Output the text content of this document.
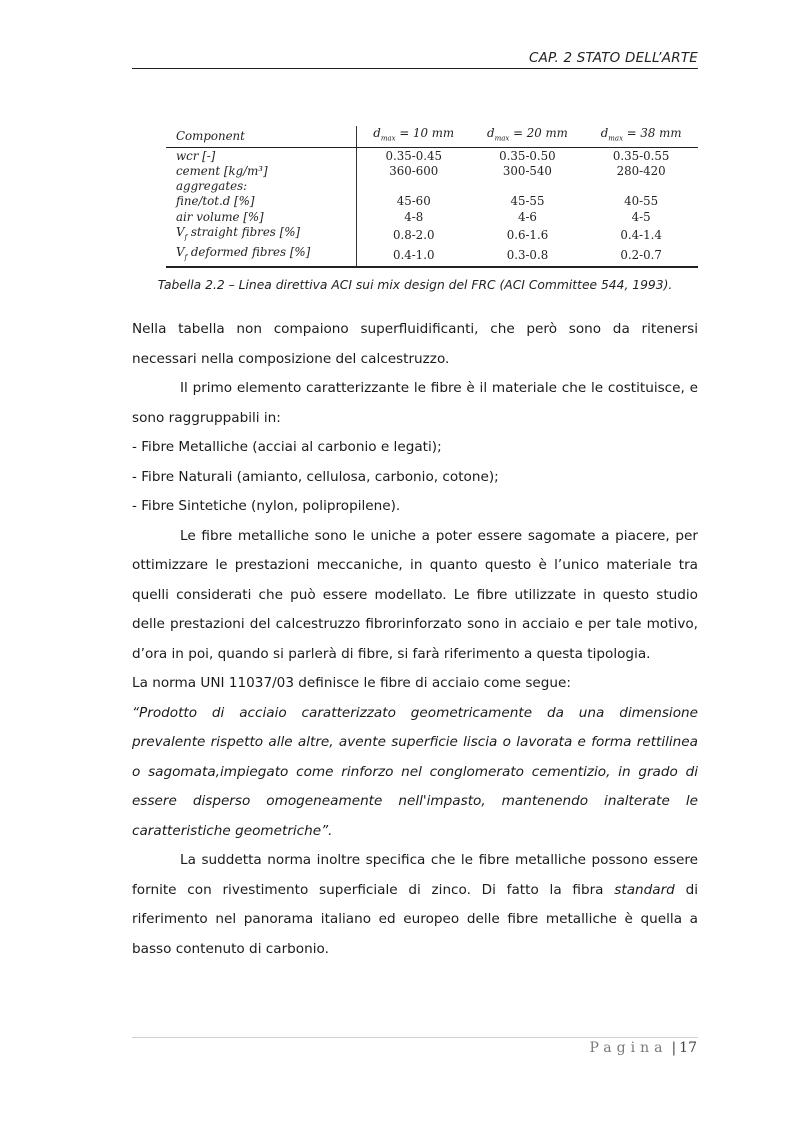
CAP. 2 STATO DELL’ARTE
Component	$d_{max} = 10$ mm	$d_{max} = 20$ mm	$d_{max} = 38$ mm
wcr [-]	0.35-0.45	0.35-0.50	0.35-0.55
cement [kg/m³]	360-600	300-540	280-420
aggregates:			
fine/tot.d [%]	45-60	45-55	40-55
air volume [%]	4-8	4-6	4-5
$V_f$ straight fibres [%]	0.8-2.0	0.6-1.6	0.4-1.4
$V_f$ deformed fibres [%]	0.4-1.0	0.3-0.8	0.2-0.7
Tabella 2.2 – Linea direttiva ACI sui mix design del FRC (ACI Committee 544, 1993).

Nella tabella non compaiono superfluidificanti, che però sono da ritenersi necessari nella composizione del calcestruzzo.

Il primo elemento caratterizzante le fibre è il materiale che le costituisce, e sono raggruppabili in:

- Fibre Metalliche (acciai al carbonio e legati);

- Fibre Naturali (amianto, cellulosa, carbonio, cotone);

- Fibre Sintetiche (nylon, polipropilene).

Le fibre metalliche sono le uniche a poter essere sagomate a piacere, per ottimizzare le prestazioni meccaniche, in quanto questo è l’unico materiale tra quelli considerati che può essere modellato. Le fibre utilizzate in questo studio delle prestazioni del calcestruzzo fibrorinforzato sono in acciaio e per tale motivo, d’ora in poi, quando si parlerà di fibre, si farà riferimento a questa tipologia.

La norma UNI 11037/03 definisce le fibre di acciaio come segue:

“Prodotto di acciaio caratterizzato geometricamente da una dimensione prevalente rispetto alle altre, avente superficie liscia o lavorata e forma rettilinea o sagomata,impiegato come rinforzo nel conglomerato cementizio, in grado di essere disperso omogeneamente nell'impasto, mantenendo inalterate le caratteristiche geometriche”.

La suddetta norma inoltre specifica che le fibre metalliche possono essere fornite con rivestimento superficiale di zinco. Di fatto la fibra standard di riferimento nel panorama italiano ed europeo delle fibre metalliche è quella a basso contenuto di carbonio.

Pagina | 17
